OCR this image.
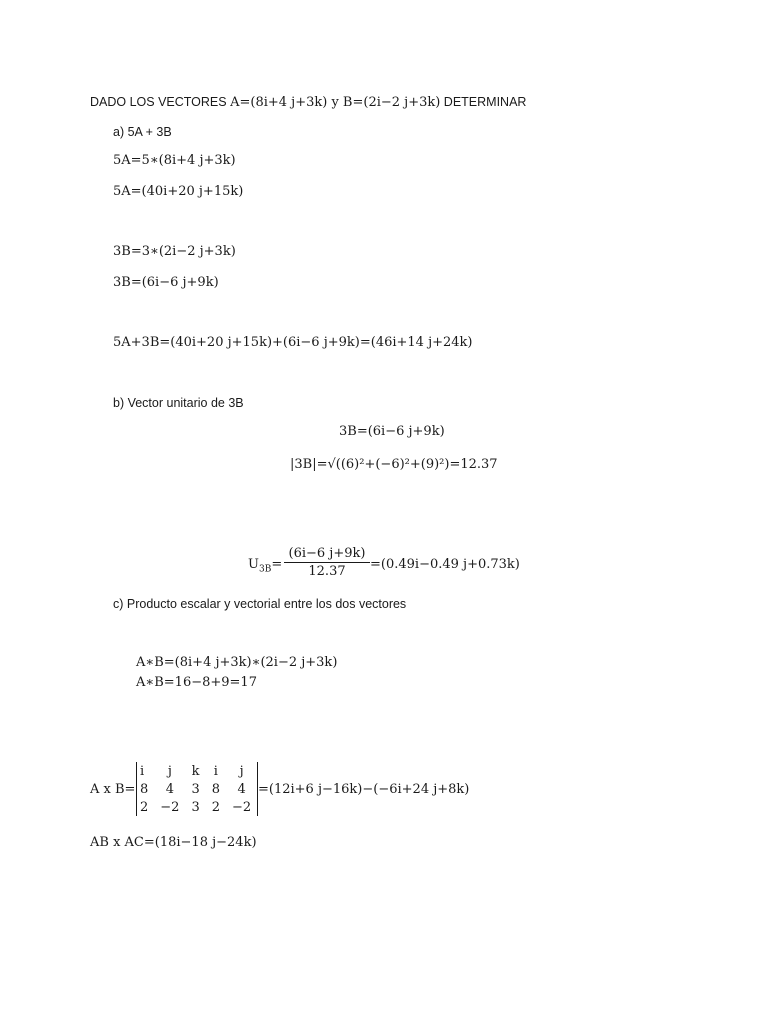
DADO LOS VECTORES A=(8i+4 j+3k) y B=(2i−2 j+3k) DETERMINAR
a) 5A + 3B
5A=5∗(8i+4 j+3k)
5A=(40i+20 j+15k)
3B=3∗(2i−2 j+3k)
3B=(6i−6 j+9k)
5A+3B=(40i+20 j+15k)+(6i−6 j+9k)=(46i+14 j+24k)
b) Vector unitario de 3B
3B=(6i−6 j+9k)
|3B|=√((6)²+(−6)²+(9)²)=12.37
$U_{3B}=$
(6i−6 j+9k)
12.37	=(0.49i−0.49 j+0.73k)
c) Producto escalar y vectorial entre los dos vectores
A∗B=(8i+4 j+3k)∗(2i−2 j+3k)
A∗B=16−8+9=17
A x B=
i	j	k	i	j
8	4	3	8	4
2	−2	3	2	−2
=(12i+6 j−16k)−(−6i+24 j+8k)
AB x AC=(18i−18 j−24k)
